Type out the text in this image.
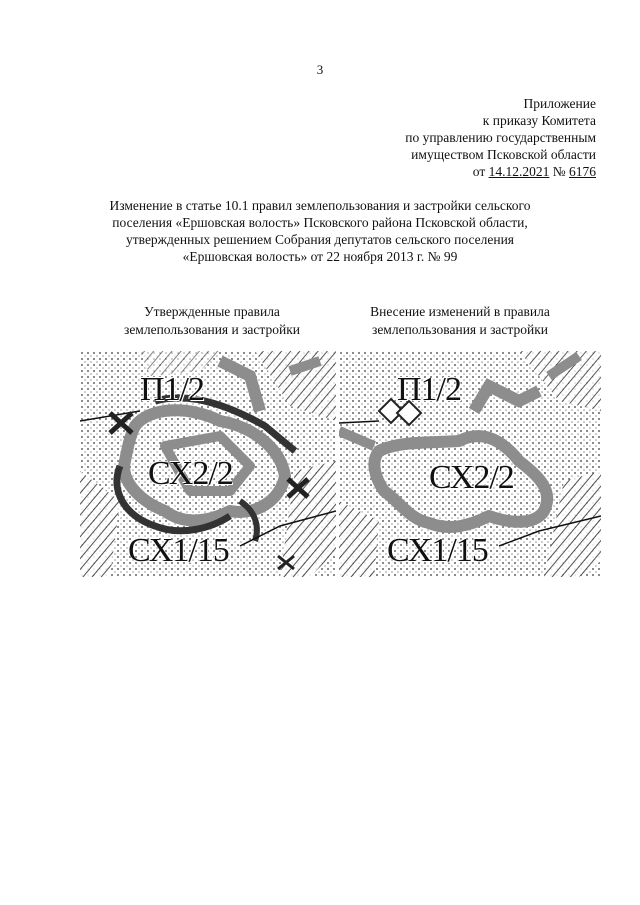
3
Приложение
к приказу Комитета
по управлению государственным
имуществом Псковской области
от 14.12.2021 № 6176
Изменение в статье 10.1 правил землепользования и застройки сельского
поселения «Ершовская волость» Псковского района Псковской области,
утвержденных решением Собрания депутатов сельского поселения
«Ершовская волость» от 22 ноября 2013 г. № 99
Утвержденные правила
землепользования и застройки
Внесение изменений в правила
землепользования и застройки
П1/2
СХ2/2
СХ1/15
П1/2
СХ2/2
СХ1/15
